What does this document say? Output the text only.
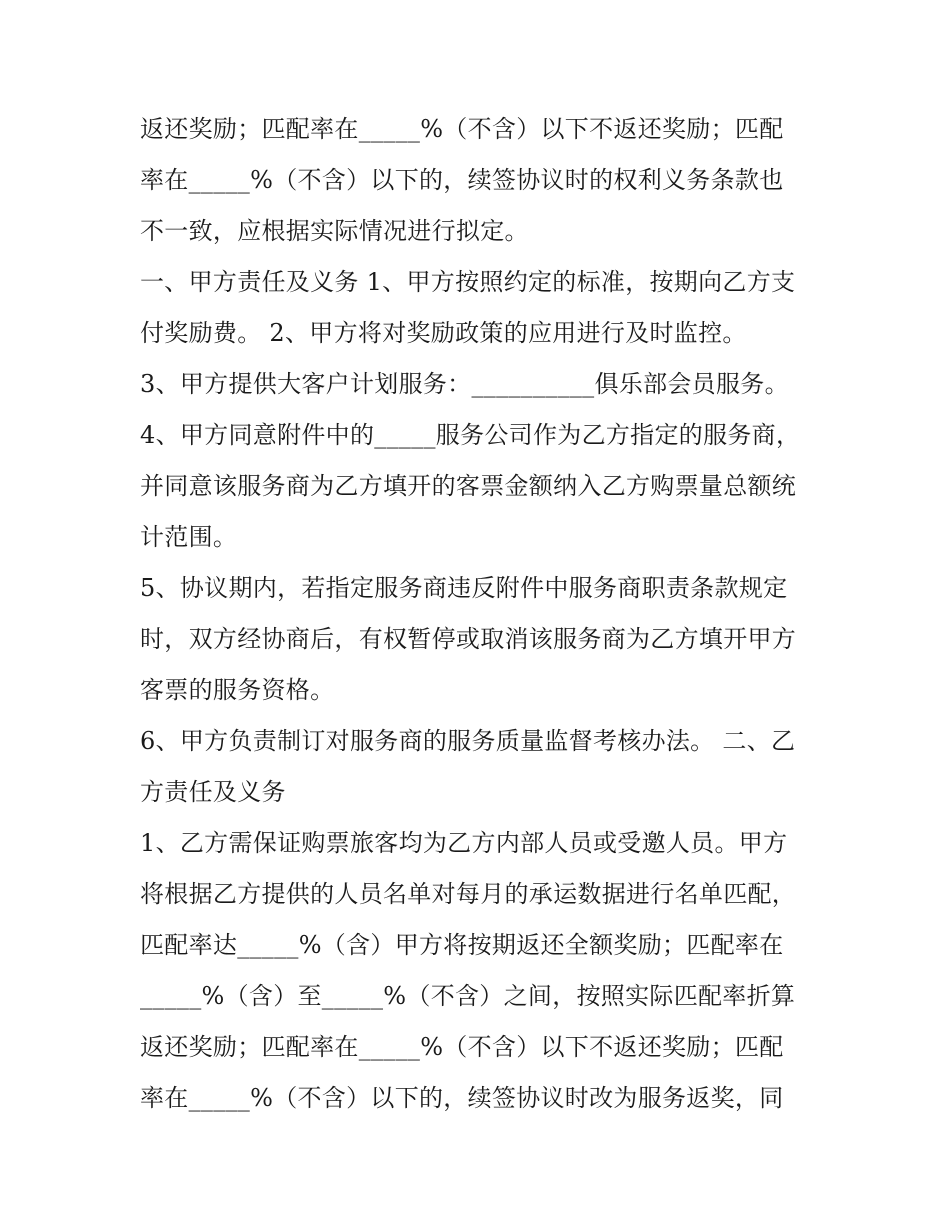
返还奖励；匹配率在_____%（不含）以下不返还奖励；匹配
率在_____%（不含）以下的，续签协议时的权利义务条款也
不一致，应根据实际情况进行拟定。
一、甲方责任及义务 1、甲方按照约定的标准，按期向乙方支
付奖励费。 2、甲方将对奖励政策的应用进行及时监控。
3、甲方提供大客户计划服务：__________俱乐部会员服务。
4、甲方同意附件中的_____服务公司作为乙方指定的服务商，
并同意该服务商为乙方填开的客票金额纳入乙方购票量总额统
计范围。
5、协议期内，若指定服务商违反附件中服务商职责条款规定
时，双方经协商后，有权暂停或取消该服务商为乙方填开甲方
客票的服务资格。
6、甲方负责制订对服务商的服务质量监督考核办法。 二、乙
方责任及义务
1、乙方需保证购票旅客均为乙方内部人员或受邀人员。甲方
将根据乙方提供的人员名单对每月的承运数据进行名单匹配，
匹配率达_____%（含）甲方将按期返还全额奖励；匹配率在
_____%（含）至_____%（不含）之间，按照实际匹配率折算
返还奖励；匹配率在_____%（不含）以下不返还奖励；匹配
率在_____%（不含）以下的，续签协议时改为服务返奖，同
